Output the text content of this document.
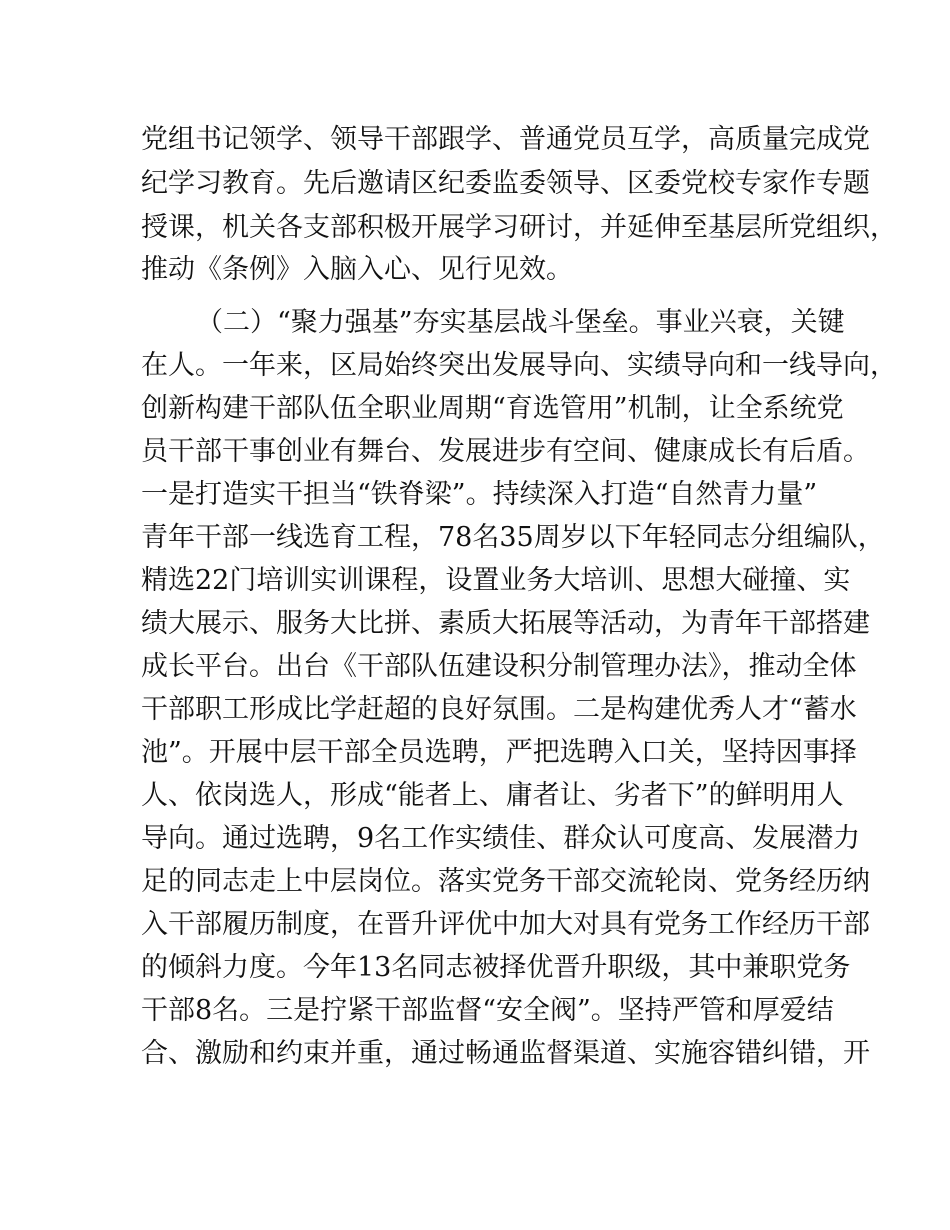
党组书记领学、领导干部跟学、普通党员互学，高质量完成党
纪学习教育。先后邀请区纪委监委领导、区委党校专家作专题
授课，机关各支部积极开展学习研讨，并延伸至基层所党组织，
推动《条例》入脑入心、见行见效。
（二）“聚力强基”夯实基层战斗堡垒。事业兴衰，关键
在人。一年来，区局始终突出发展导向、实绩导向和一线导向，
创新构建干部队伍全职业周期“育选管用”机制，让全系统党
员干部干事创业有舞台、发展进步有空间、健康成长有后盾。
一是打造实干担当“铁脊梁”。持续深入打造“自然青力量”
青年干部一线选育工程，78名35周岁以下年轻同志分组编队，
精选22门培训实训课程，设置业务大培训、思想大碰撞、实
绩大展示、服务大比拼、素质大拓展等活动，为青年干部搭建
成长平台。出台《干部队伍建设积分制管理办法》，推动全体
干部职工形成比学赶超的良好氛围。二是构建优秀人才“蓄水
池”。开展中层干部全员选聘，严把选聘入口关，坚持因事择
人、依岗选人，形成“能者上、庸者让、劣者下”的鲜明用人
导向。通过选聘，9名工作实绩佳、群众认可度高、发展潜力
足的同志走上中层岗位。落实党务干部交流轮岗、党务经历纳
入干部履历制度，在晋升评优中加大对具有党务工作经历干部
的倾斜力度。今年13名同志被择优晋升职级，其中兼职党务
干部8名。三是拧紧干部监督“安全阀”。坚持严管和厚爱结
合、激励和约束并重，通过畅通监督渠道、实施容错纠错，开
